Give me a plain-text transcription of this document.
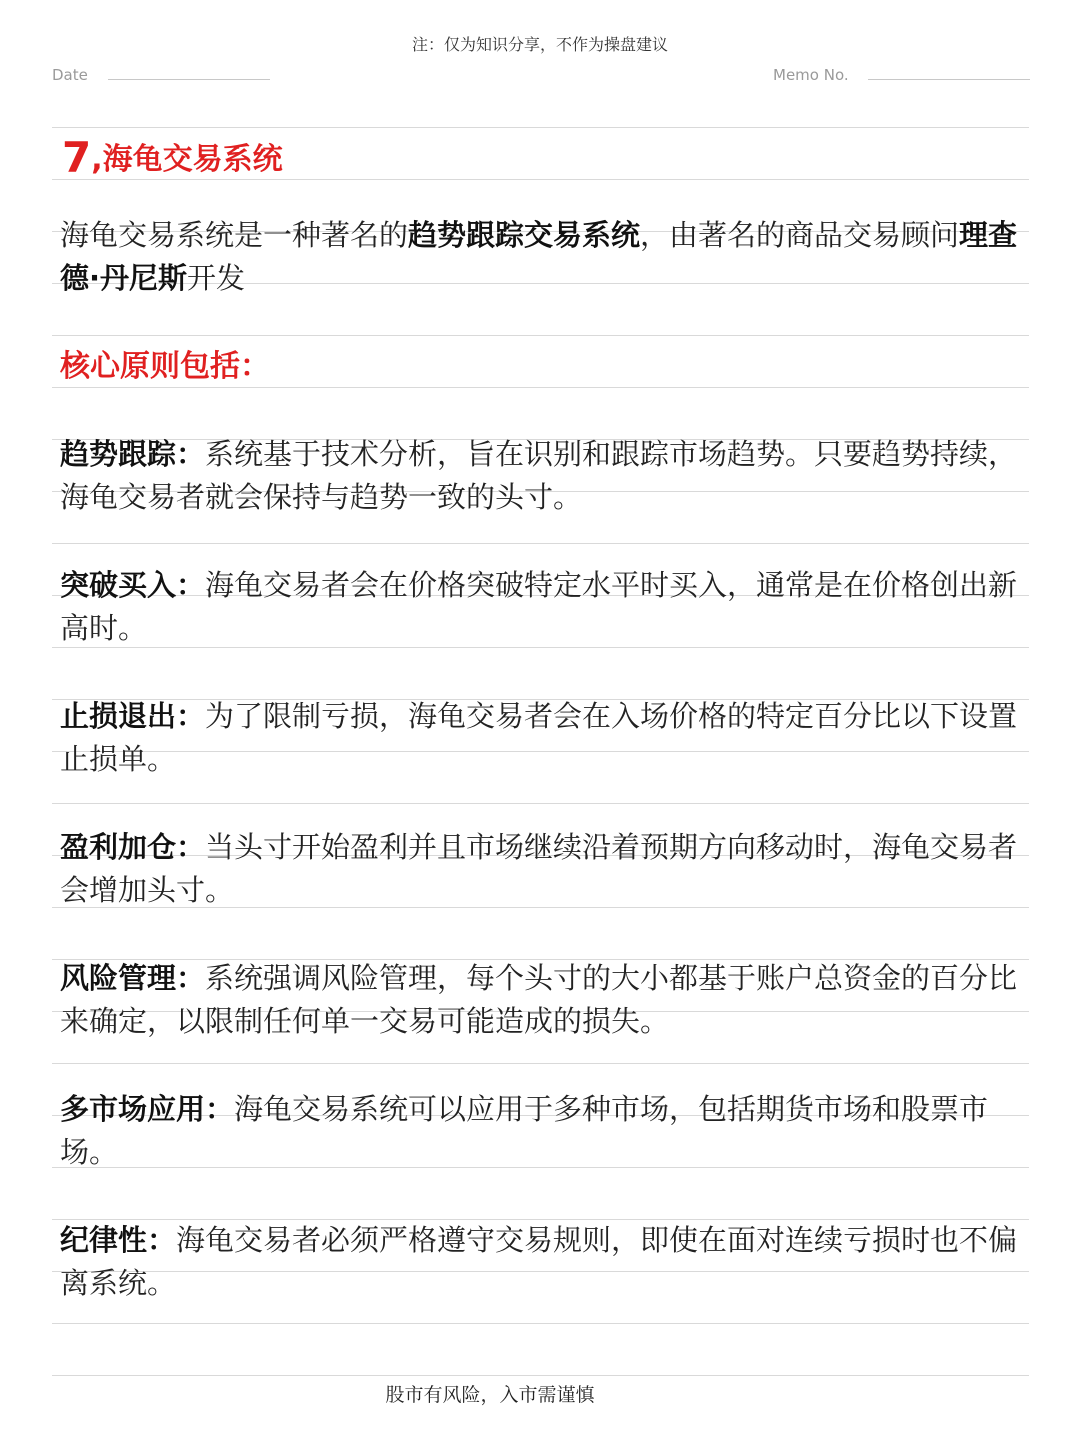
注：仅为知识分享，不作为操盘建议
Date	Memo No.
7,海龟交易系统
海龟交易系统是一种著名的趋势跟踪交易系统，由著名的商品交易顾问理查德·丹尼斯开发
核心原则包括：
趋势跟踪：系统基于技术分析，旨在识别和跟踪市场趋势。只要趋势持续，海龟交易者就会保持与趋势一致的头寸。
突破买入：海龟交易者会在价格突破特定水平时买入，通常是在价格创出新高时。
止损退出：为了限制亏损，海龟交易者会在入场价格的特定百分比以下设置止损单。
盈利加仓：当头寸开始盈利并且市场继续沿着预期方向移动时，海龟交易者会增加头寸。
风险管理：系统强调风险管理，每个头寸的大小都基于账户总资金的百分比来确定，以限制任何单一交易可能造成的损失。
多市场应用：海龟交易系统可以应用于多种市场，包括期货市场和股票市场。
纪律性：海龟交易者必须严格遵守交易规则，即使在面对连续亏损时也不偏离系统。
股市有风险，入市需谨慎
